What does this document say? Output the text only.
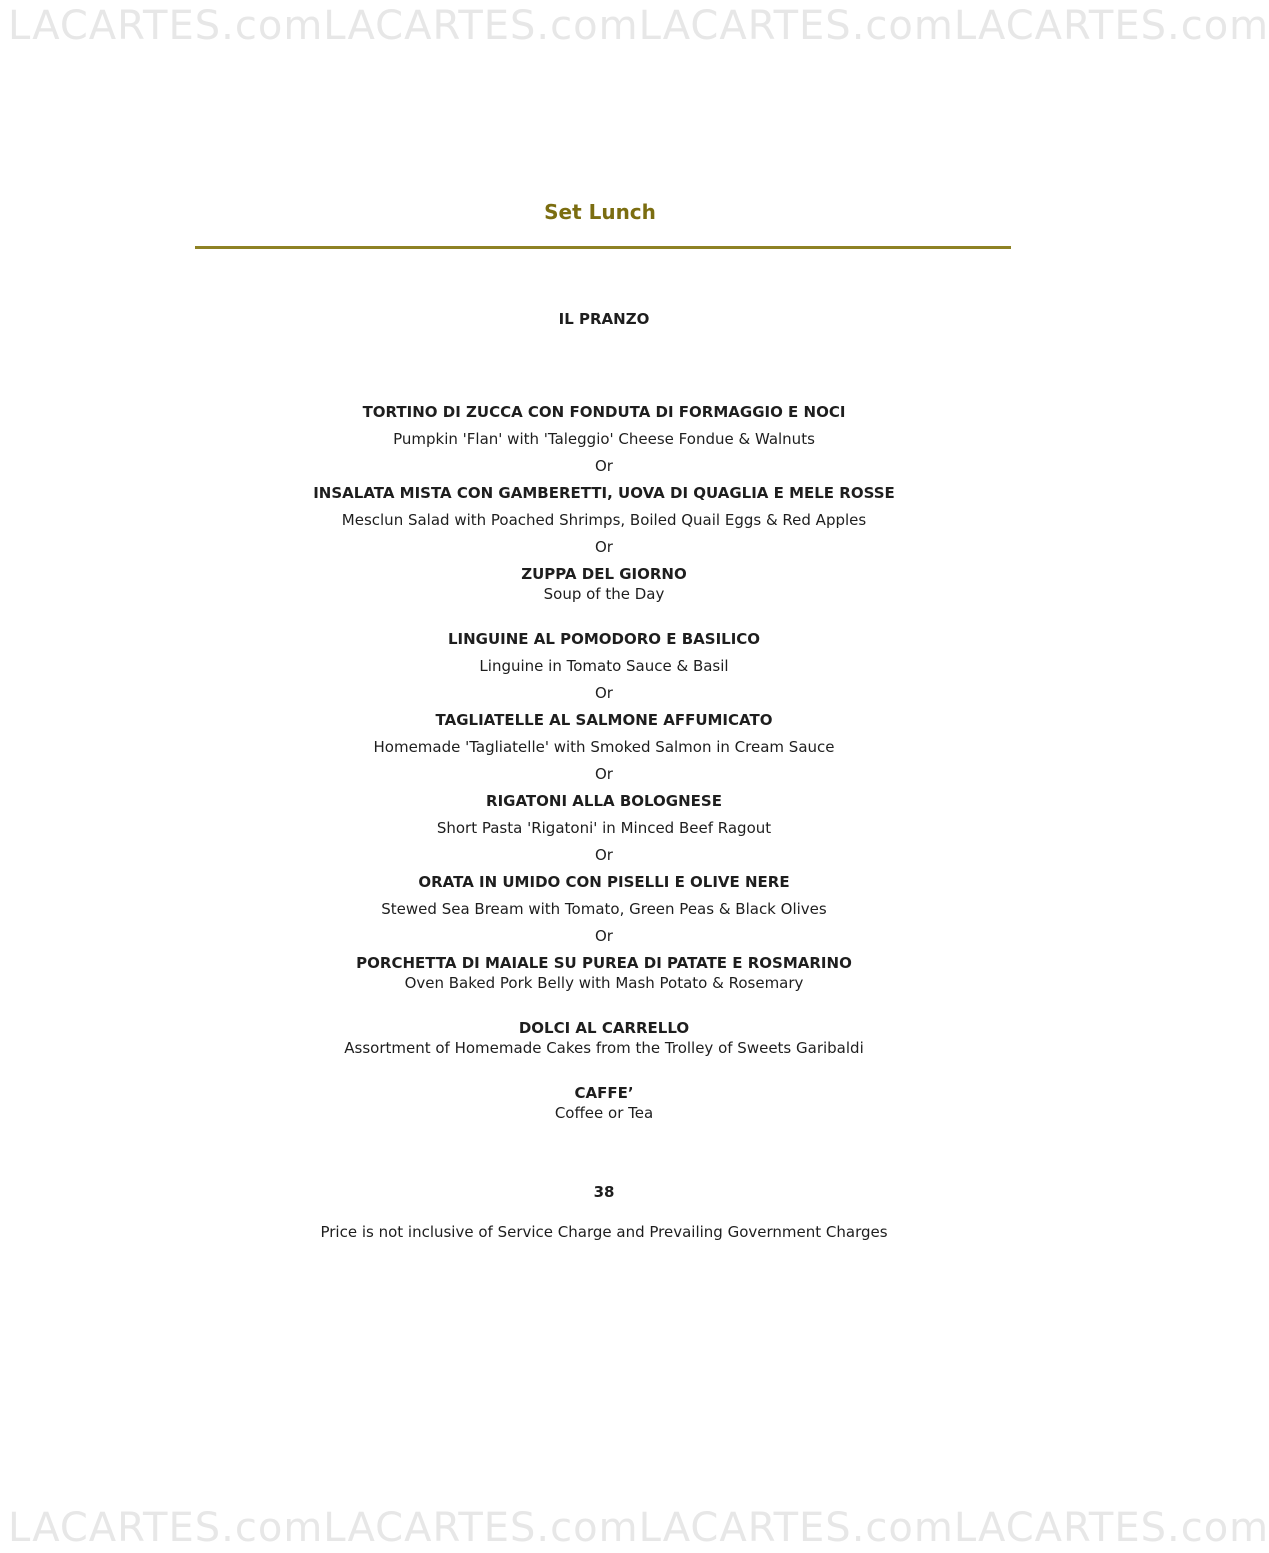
LACARTES.com LACARTES.com LACARTES.com LACARTES.com
Set Lunch
IL PRANZO
TORTINO DI ZUCCA CON FONDUTA DI FORMAGGIO E NOCI
Pumpkin 'Flan' with 'Taleggio' Cheese Fondue & Walnuts
Or
INSALATA MISTA CON GAMBERETTI, UOVA DI QUAGLIA E MELE ROSSE
Mesclun Salad with Poached Shrimps, Boiled Quail Eggs & Red Apples
Or
ZUPPA DEL GIORNO
Soup of the Day
LINGUINE AL POMODORO E BASILICO
Linguine in Tomato Sauce & Basil
Or
TAGLIATELLE AL SALMONE AFFUMICATO
Homemade 'Tagliatelle' with Smoked Salmon in Cream Sauce
Or
RIGATONI ALLA BOLOGNESE
Short Pasta 'Rigatoni' in Minced Beef Ragout
Or
ORATA IN UMIDO CON PISELLI E OLIVE NERE
Stewed Sea Bream with Tomato, Green Peas & Black Olives
Or
PORCHETTA DI MAIALE SU PUREA DI PATATE E ROSMARINO
Oven Baked Pork Belly with Mash Potato & Rosemary
DOLCI AL CARRELLO
Assortment of Homemade Cakes from the Trolley of Sweets Garibaldi
CAFFE’
Coffee or Tea
38
Price is not inclusive of Service Charge and Prevailing Government Charges
LACARTES.com LACARTES.com LACARTES.com LACARTES.com
